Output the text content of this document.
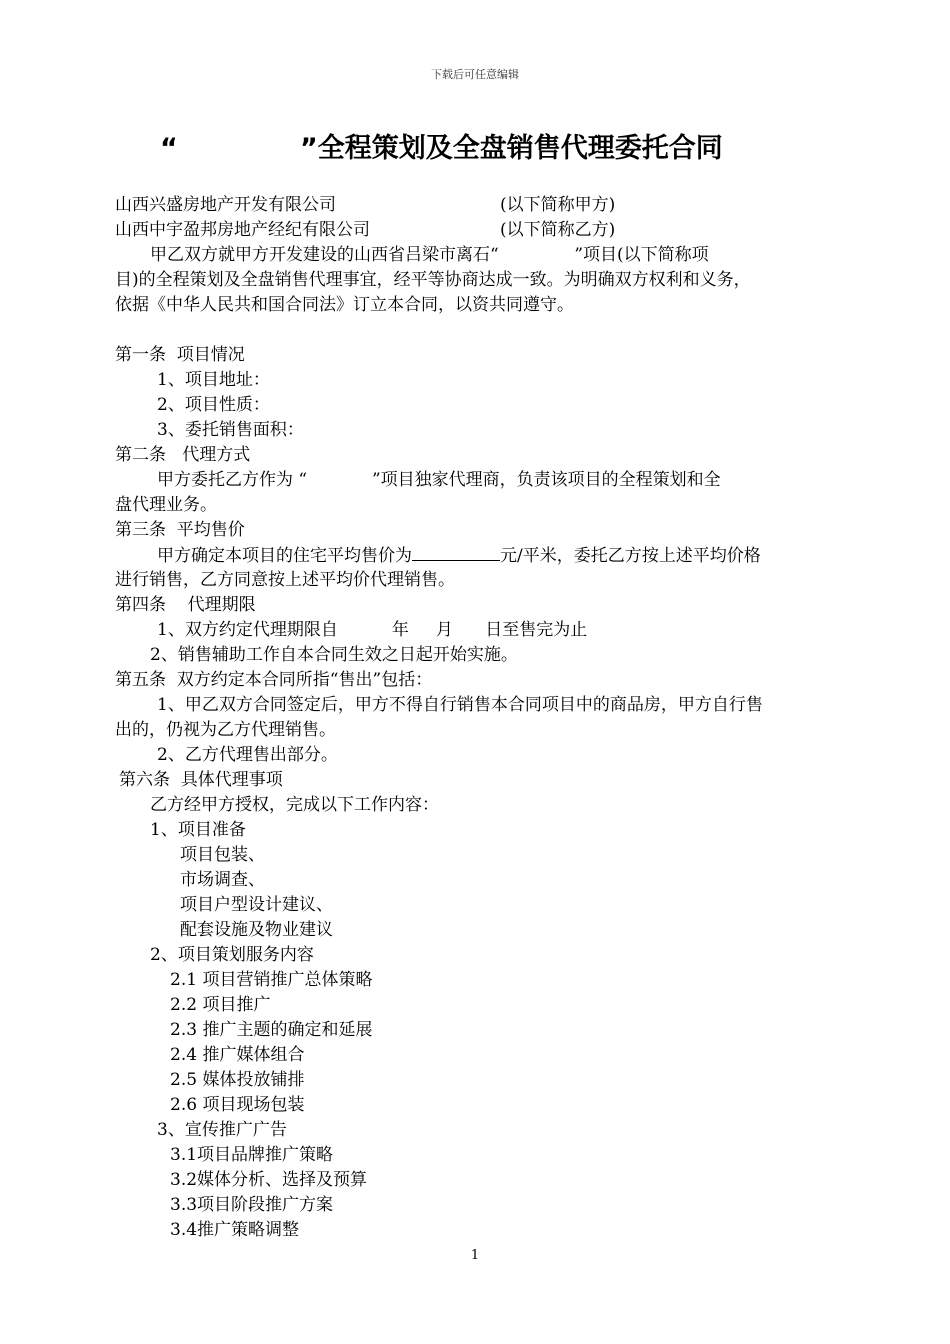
下载后可任意编辑
“             ”全程策划及全盘销售代理委托合同
山西兴盛房地产开发有限公司	(以下简称甲方)
山西中宇盈邦房地产经纪有限公司	(以下简称乙方)
甲乙双方就甲方开发建设的山西省吕梁市离石“              ”项目(以下简称项
目)的全程策划及全盘销售代理事宜，经平等协商达成一致。为明确双方权利和义务，
依据《中华人民共和国合同法》订立本合同，以资共同遵守。
第一条  项目情况
1、项目地址：
2、项目性质：
3、委托销售面积：
第二条   代理方式
甲方委托乙方作为 “            ”项目独家代理商，负责该项目的全程策划和全
盘代理业务。
第三条  平均售价
甲方确定本项目的住宅平均售价为	元/平米，委托乙方按上述平均价格
进行销售，乙方同意按上述平均价代理销售。
第四条    代理期限
1、双方约定代理期限自          年     月      日至售完为止
2、销售辅助工作自本合同生效之日起开始实施。
第五条  双方约定本合同所指“售出”包括：
1、甲乙双方合同签定后，甲方不得自行销售本合同项目中的商品房，甲方自行售
出的，仍视为乙方代理销售。
2、乙方代理售出部分。
第六条  具体代理事项
乙方经甲方授权，完成以下工作内容：
1、项目准备
项目包装、
市场调查、
项目户型设计建议、
配套设施及物业建议
2、项目策划服务内容
2.1 项目营销推广总体策略
2.2 项目推广
2.3 推广主题的确定和延展
2.4 推广媒体组合
2.5 媒体投放铺排
2.6 项目现场包装
3、宣传推广广告
3.1项目品牌推广策略
3.2媒体分析、选择及预算
3.3项目阶段推广方案
3.4推广策略调整
1
